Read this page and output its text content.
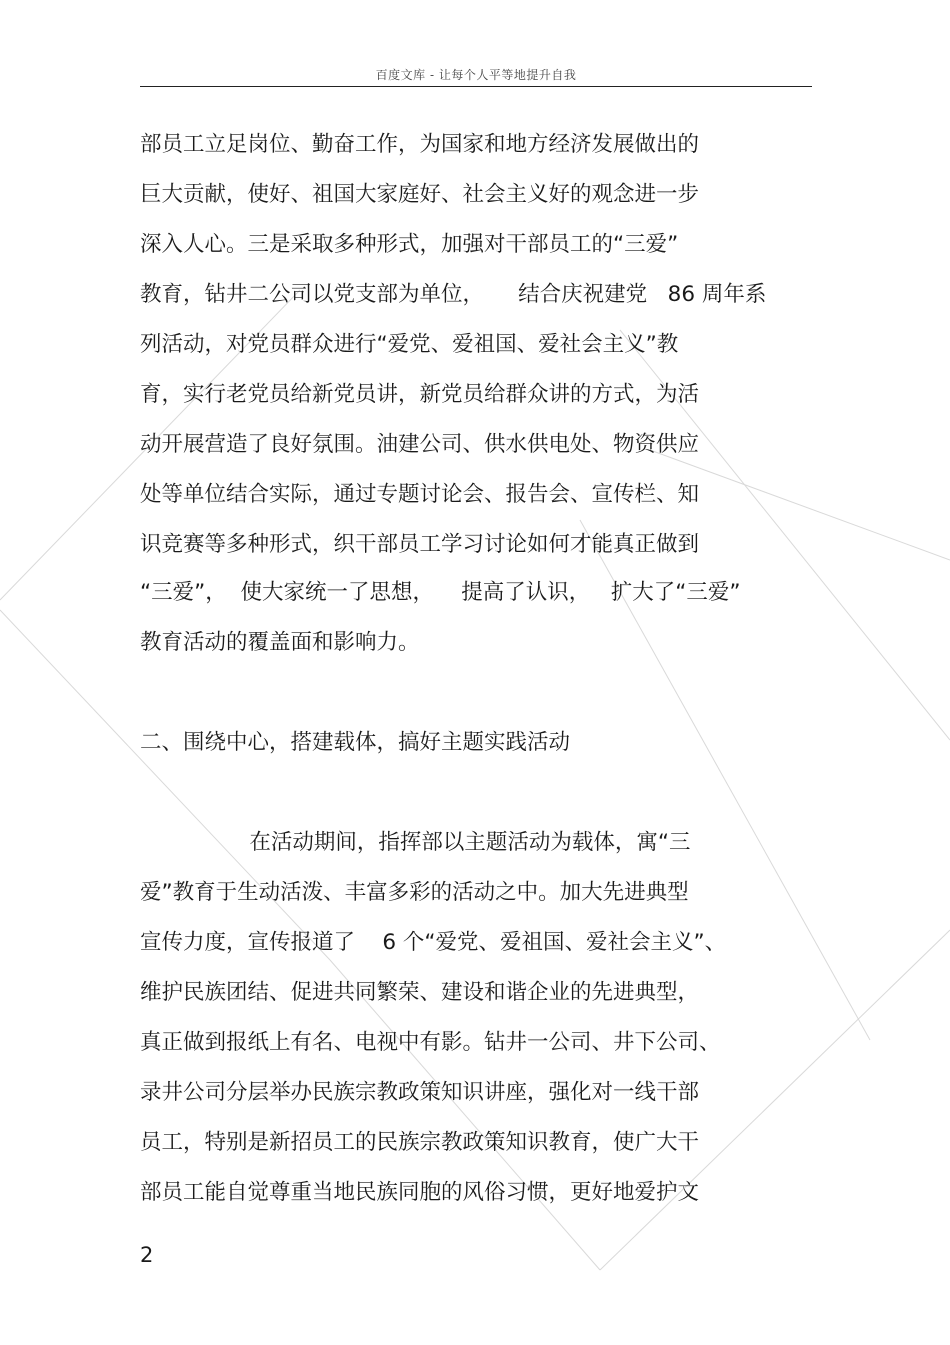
百度文库 - 让每个人平等地提升自我
部员工立足岗位、勤奋工作，为国家和地方经济发展做出的
巨大贡献，使好、祖国大家庭好、社会主义好的观念进一步
深入人心。三是采取多种形式，加强对干部员工的“三爱”
教育，钻井二公司以党支部为单位，     结合庆祝建党   86 周年系
列活动，对党员群众进行“爱党、爱祖国、爱社会主义”教
育，实行老党员给新党员讲，新党员给群众讲的方式，为活
动开展营造了良好氛围。油建公司、供水供电处、物资供应
处等单位结合实际，通过专题讨论会、报告会、宣传栏、知
识竞赛等多种形式，织干部员工学习讨论如何才能真正做到
“三爱”，  使大家统一了思想，    提高了认识，   扩大了“三爱”
教育活动的覆盖面和影响力。
二、围绕中心，搭建载体，搞好主题实践活动
在活动期间，指挥部以主题活动为载体，寓“三
爱”教育于生动活泼、丰富多彩的活动之中。加大先进典型
宣传力度，宣传报道了    6 个“爱党、爱祖国、爱社会主义”、
维护民族团结、促进共同繁荣、建设和谐企业的先进典型，
真正做到报纸上有名、电视中有影。钻井一公司、井下公司、
录井公司分层举办民族宗教政策知识讲座，强化对一线干部
员工，特别是新招员工的民族宗教政策知识教育，使广大干
部员工能自觉尊重当地民族同胞的风俗习惯，更好地爱护文
2
